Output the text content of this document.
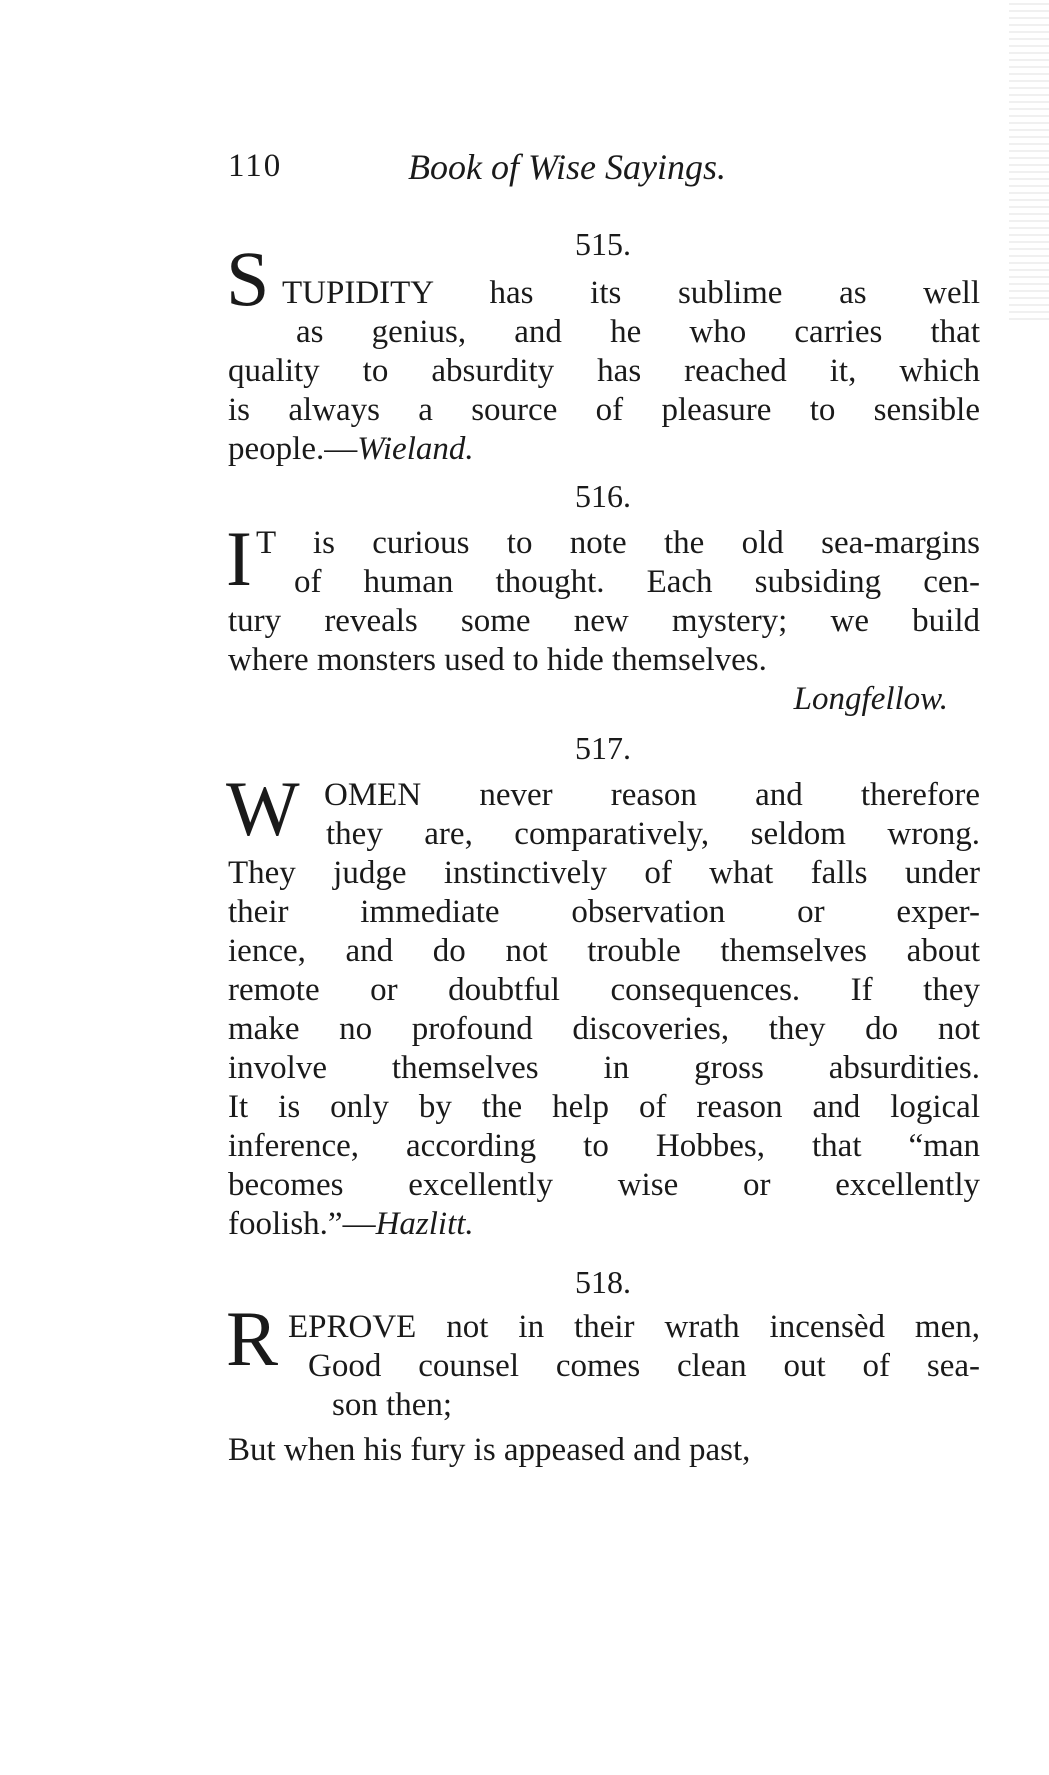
110	Book of Wise Sayings.
515.
S TUPIDITY has its sublime as well
as genius, and he who carries that
quality to absurdity has reached it, which
is always a source of pleasure to sensible
people.—Wieland.
516.
I T is curious to note the old sea-margins
of human thought. Each subsiding cen-
tury reveals some new mystery; we build
where monsters used to hide themselves.
Longfellow.
517.
W OMEN never reason and therefore
they are, comparatively, seldom wrong.
They judge instinctively of what falls under
their immediate observation or exper-
ience, and do not trouble themselves about
remote or doubtful consequences. If they
make no profound discoveries, they do not
involve themselves in gross absurdities.
It is only by the help of reason and logical
inference, according to Hobbes, that “man
becomes excellently wise or excellently
foolish.”—Hazlitt.
518.
R EPROVE not in their wrath incensèd men,
Good counsel comes clean out of sea-
son then;
But when his fury is appeased and past,
